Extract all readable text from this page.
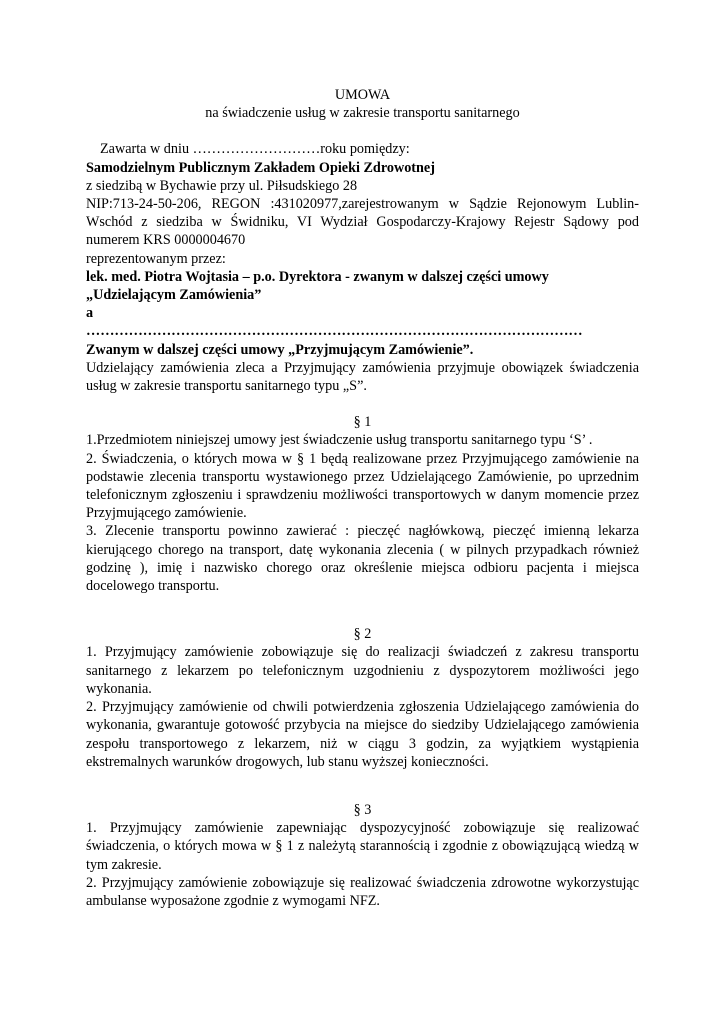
UMOWA

na świadczenie usług w zakresie transportu sanitarnego

Zawarta w dniu ………………………roku pomiędzy:

Samodzielnym Publicznym Zakładem Opieki Zdrowotnej

z siedzibą w Bychawie przy ul. Piłsudskiego 28

NIP:713-24-50-206, REGON :431020977,zarejestrowanym w Sądzie Rejonowym Lublin-Wschód z siedziba w Świdniku, VI Wydział Gospodarczy-Krajowy Rejestr Sądowy pod numerem KRS 0000004670

reprezentowanym przez:

lek. med. Piotra Wojtasia – p.o. Dyrektora - zwanym w dalszej części umowy

„Udzielającym Zamówienia”

a

……………………………………………………………………………………………

Zwanym w dalszej części umowy „Przyjmującym Zamówienie”.

Udzielający zamówienia zleca a Przyjmujący zamówienia przyjmuje obowiązek świadczenia usług w zakresie transportu sanitarnego typu „S”.

§ 1

1.Przedmiotem niniejszej umowy jest świadczenie usług transportu sanitarnego typu ‘S’ .

2. Świadczenia, o których mowa w § 1 będą realizowane przez Przyjmującego zamówienie na podstawie zlecenia transportu wystawionego przez Udzielającego Zamówienie, po uprzednim telefonicznym zgłoszeniu i sprawdzeniu możliwości transportowych w danym momencie przez Przyjmującego zamówienie.

3. Zlecenie transportu powinno zawierać : pieczęć nagłówkową, pieczęć imienną lekarza kierującego chorego na transport, datę wykonania zlecenia ( w pilnych przypadkach również godzinę ), imię i nazwisko chorego oraz określenie miejsca odbioru pacjenta i miejsca docelowego transportu.

§ 2

1. Przyjmujący zamówienie zobowiązuje się do realizacji świadczeń z zakresu transportu sanitarnego z lekarzem po telefonicznym uzgodnieniu z dyspozytorem możliwości jego wykonania.

2. Przyjmujący zamówienie od chwili potwierdzenia zgłoszenia Udzielającego zamówienia do wykonania, gwarantuje gotowość przybycia na miejsce do siedziby Udzielającego zamówienia zespołu transportowego z lekarzem, niż w ciągu 3 godzin, za wyjątkiem wystąpienia ekstremalnych warunków drogowych, lub stanu wyższej konieczności.

§ 3

1. Przyjmujący zamówienie zapewniając dyspozycyjność zobowiązuje się realizować świadczenia, o których mowa w § 1 z należytą starannością i zgodnie z obowiązującą wiedzą w tym zakresie.

2. Przyjmujący zamówienie zobowiązuje się realizować świadczenia zdrowotne wykorzystując ambulanse wyposażone zgodnie z wymogami NFZ.
